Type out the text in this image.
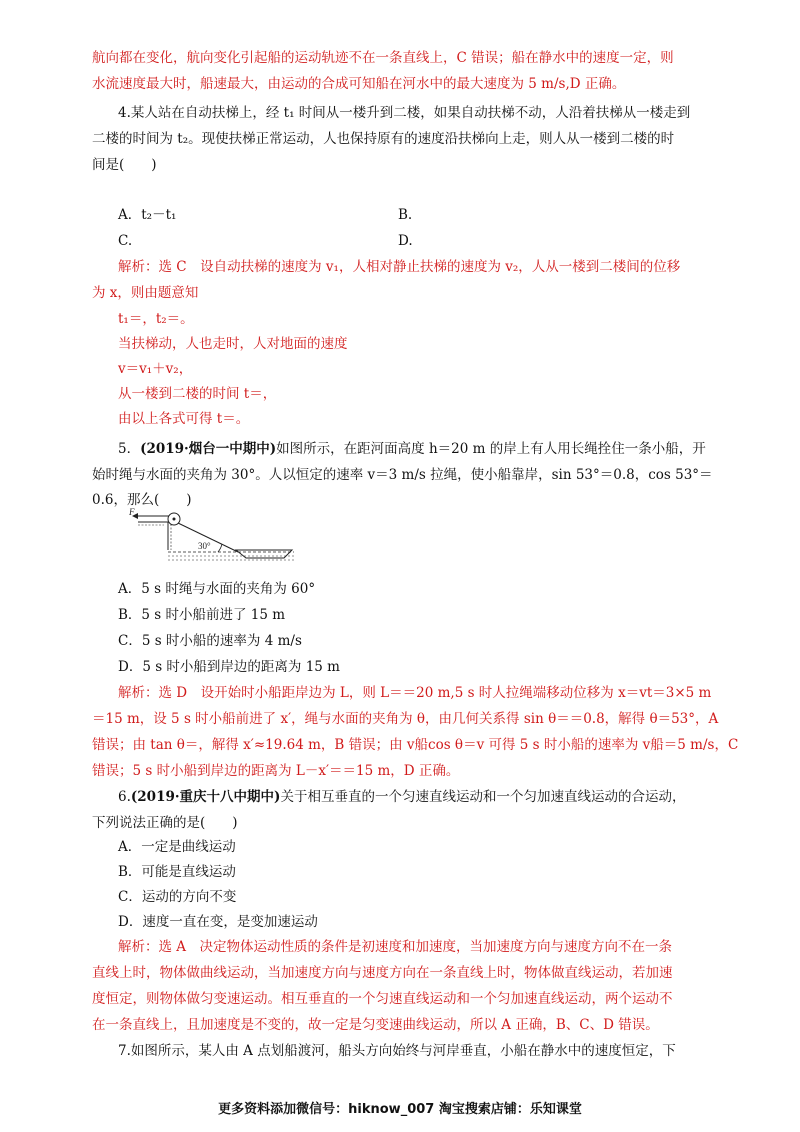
航向都在变化，航向变化引起船的运动轨迹不在一条直线上，C 错误；船在静水中的速度一定，则
水流速度最大时，船速最大，由运动的合成可知船在河水中的最大速度为 5 m/s,D 正确。
4.某人站在自动扶梯上，经 t₁ 时间从一楼升到二楼，如果自动扶梯不动，人沿着扶梯从一楼走到
二楼的时间为 t₂。现使扶梯正常运动，人也保持原有的速度沿扶梯向上走，则人从一楼到二楼的时
间是(　　)
A．t₂－t₁	B.
C.	D.
解析：选 C　设自动扶梯的速度为 v₁，人相对静止扶梯的速度为 v₂，人从一楼到二楼间的位移
为 x，则由题意知
t₁＝，t₂＝。
当扶梯动，人也走时，人对地面的速度
v＝v₁＋v₂，
从一楼到二楼的时间 t＝，
由以上各式可得 t＝。
5．(2019·烟台一中期中)如图所示，在距河面高度 h＝20 m 的岸上有人用长绳拴住一条小船，开
始时绳与水面的夹角为 30°。人以恒定的速率 v＝3 m/s 拉绳，使小船靠岸，sin 53°＝0.8，cos 53°＝
0.6，那么(　　)
F
30°
A．5 s 时绳与水面的夹角为 60°
B．5 s 时小船前进了 15 m
C．5 s 时小船的速率为 4 m/s
D．5 s 时小船到岸边的距离为 15 m
解析：选 D　设开始时小船距岸边为 L，则 L＝＝20 m,5 s 时人拉绳端移动位移为 x＝vt＝3×5 m
＝15 m，设 5 s 时小船前进了 x′，绳与水面的夹角为 θ，由几何关系得 sin θ＝＝0.8，解得 θ＝53°，A
错误；由 tan θ＝，解得 x′≈19.64 m，B 错误；由 v船cos θ＝v 可得 5 s 时小船的速率为 v船＝5 m/s，C
错误；5 s 时小船到岸边的距离为 L－x′＝＝15 m，D 正确。
6.(2019·重庆十八中期中)关于相互垂直的一个匀速直线运动和一个匀加速直线运动的合运动，
下列说法正确的是(　　)
A．一定是曲线运动
B．可能是直线运动
C．运动的方向不变
D．速度一直在变，是变加速运动
解析：选 A　决定物体运动性质的条件是初速度和加速度，当加速度方向与速度方向不在一条
直线上时，物体做曲线运动，当加速度方向与速度方向在一条直线上时，物体做直线运动，若加速
度恒定，则物体做匀变速运动。相互垂直的一个匀速直线运动和一个匀加速直线运动，两个运动不
在一条直线上，且加速度是不变的，故一定是匀变速曲线运动，所以 A 正确，B、C、D 错误。
7.如图所示，某人由 A 点划船渡河，船头方向始终与河岸垂直，小船在静水中的速度恒定，下
更多资料添加微信号：hiknow_007 淘宝搜索店铺：乐知课堂
